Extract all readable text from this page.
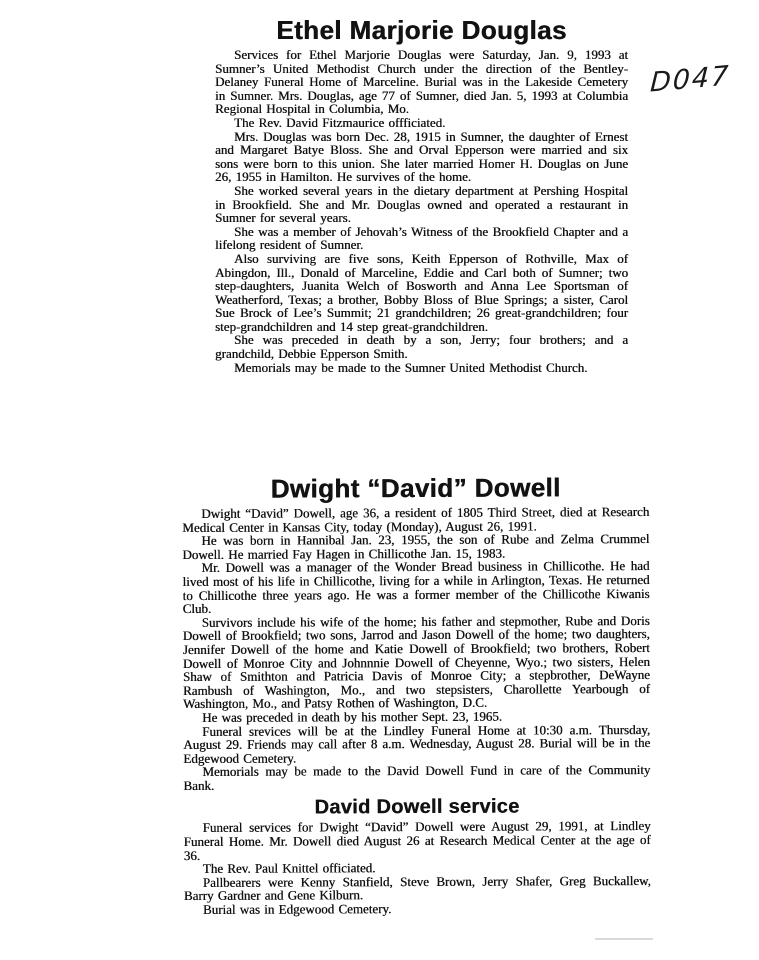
D047
Ethel Marjorie Douglas

Services for Ethel Marjorie Douglas were Saturday, Jan. 9, 1993 at Sumner’s United Methodist Church under the direction of the Bentley-Delaney Funeral Home of Marceline. Burial was in the Lakeside Cemetery in Sumner. Mrs. Douglas, age 77 of Sumner, died Jan. 5, 1993 at Columbia Regional Hospital in Columbia, Mo.

The Rev. David Fitzmaurice offficiated.

Mrs. Douglas was born Dec. 28, 1915 in Sumner, the daughter of Ernest and Margaret Batye Bloss. She and Orval Epperson were married and six sons were born to this union. She later married Homer H. Douglas on June 26, 1955 in Hamilton. He survives of the home.

She worked several years in the dietary department at Pershing Hospital in Brookfield. She and Mr. Douglas owned and operated a restaurant in Sumner for several years.

She was a member of Jehovah’s Witness of the Brookfield Chapter and a lifelong resident of Sumner.

Also surviving are five sons, Keith Epperson of Rothville, Max of Abingdon, Ill., Donald of Marceline, Eddie and Carl both of Sumner; two step-daughters, Juanita Welch of Bosworth and Anna Lee Sportsman of Weatherford, Texas; a brother, Bobby Bloss of Blue Springs; a sister, Carol Sue Brock of Lee’s Summit; 21 grandchildren; 26 great-grandchildren; four step-grandchildren and 14 step great-grandchildren.

She was preceded in death by a son, Jerry; four brothers; and a grandchild, Debbie Epperson Smith.

Memorials may be made to the Sumner United Methodist Church.

Dwight “David” Dowell

Dwight “David” Dowell, age 36, a resident of 1805 Third Street, died at Research Medical Center in Kansas City, today (Monday), August 26, 1991.

He was born in Hannibal Jan. 23, 1955, the son of Rube and Zelma Crummel Dowell. He married Fay Hagen in Chillicothe Jan. 15, 1983.

Mr. Dowell was a manager of the Wonder Bread business in Chillicothe. He had lived most of his life in Chillicothe, living for a while in Arlington, Texas. He returned to Chillicothe three years ago. He was a former member of the Chillicothe Kiwanis Club.

Survivors include his wife of the home; his father and stepmother, Rube and Doris Dowell of Brookfield; two sons, Jarrod and Jason Dowell of the home; two daughters, Jennifer Dowell of the home and Katie Dowell of Brookfield; two brothers, Robert Dowell of Monroe City and Johnnnie Dowell of Cheyenne, Wyo.; two sisters, Helen Shaw of Smithton and Patricia Davis of Monroe City; a stepbrother, DeWayne Rambush of Washington, Mo., and two stepsisters, Charollette Yearbough of Washington, Mo., and Patsy Rothen of Washington, D.C.

He was preceded in death by his mother Sept. 23, 1965.

Funeral srevices will be at the Lindley Funeral Home at 10:30 a.m. Thursday, August 29. Friends may call after 8 a.m. Wednesday, August 28. Burial will be in the Edgewood Cemetery.

Memorials may be made to the David Dowell Fund in care of the Community Bank.

David Dowell service

Funeral services for Dwight “David” Dowell were August 29, 1991, at Lindley Funeral Home. Mr. Dowell died August 26 at Research Medical Center at the age of 36.

The Rev. Paul Knittel officiated.

Pallbearers were Kenny Stanfield, Steve Brown, Jerry Shafer, Greg Buckallew, Barry Gardner and Gene Kilburn.

Burial was in Edgewood Cemetery.
